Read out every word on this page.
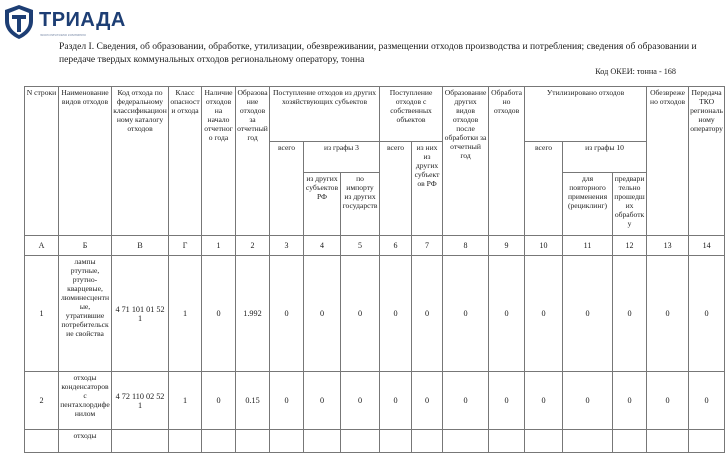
ТРИАДА
экологическая компания
Раздел I. Сведения, об образовании, обработке, утилизации, обезвреживании, размещении отходов производства и потребления; сведения об образовании и передаче твердых коммунальных отходов региональному оператору, тонна
Код ОКЕИ: тонна - 168
N строки	Наименование видов отходов	Код отхода по федеральному классификационному каталогу отходов	Класс опасности отхода	Наличие отходов на начало отчетного года	Образование отходов за отчетный год	Поступление отходов из других хозяйствующих субъектов			Поступление отходов с собственных объектов		Образование других видов отходов после обработки за отчетный год	Обработано отходов	Утилизировано отходов			Обезврежено отходов	Передача ТКО региональному оператору
						всего	из графы 3		всего	из них из других субъектов РФ			всего	из графы 10			
							из других субъектов РФ	по импорту из других государств						для повторного применения (рециклинг)	предварительно прошедших обработку		
А	Б	В	Г	1	2	3	4	5	6	7	8	9	10	11	12	13	14
1	лампы ртутные, ртутно-кварцевые, люминесцентные, утратившие потребительские свойства	4 71 101 01 52 1	1	0	1.992	0	0	0	0	0	0	0	0	0	0	0	0
2	отходы конденсаторов с пентахлордифенилом	4 72 110 02 52 1	1	0	0.15	0	0	0	0	0	0	0	0	0	0	0	0
	отходы																
